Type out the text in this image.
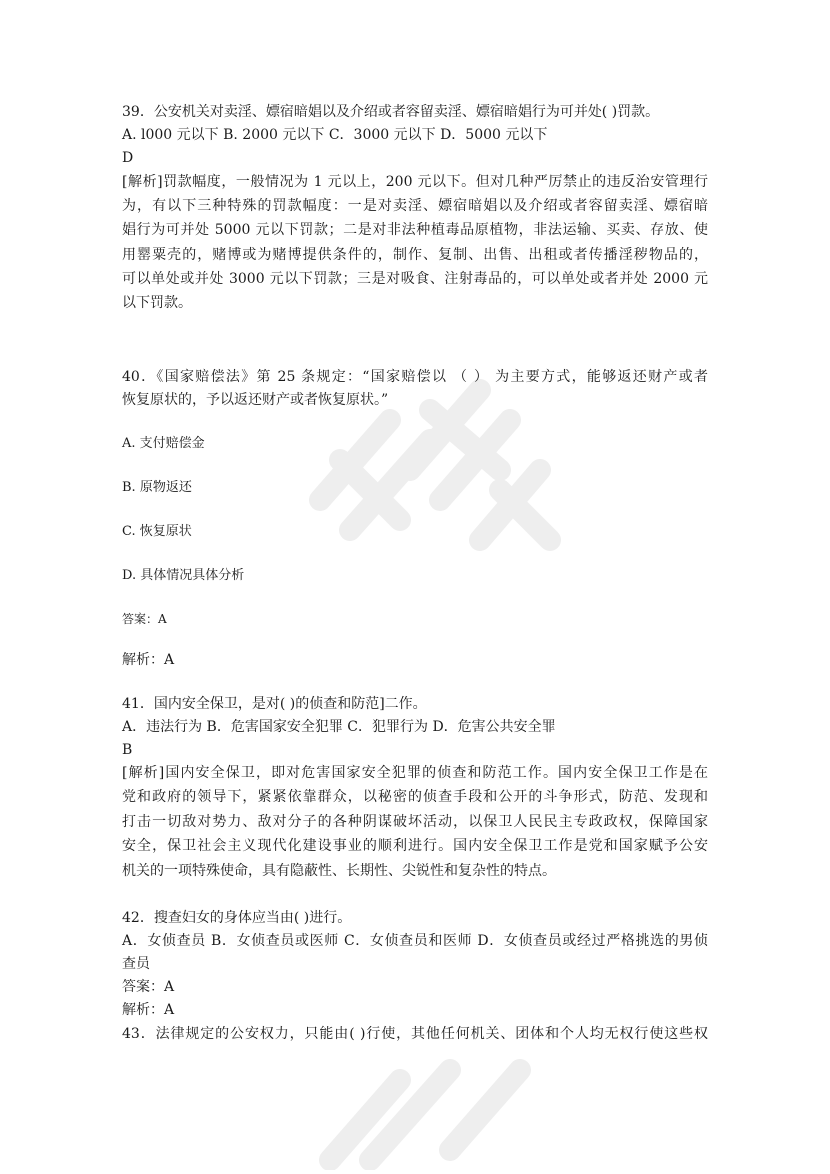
39．公安机关对卖淫、嫖宿暗娼以及介绍或者容留卖淫、嫖宿暗娼行为可并处( )罚款。
A. l000 元以下 B. 2000 元以下 C．3000 元以下 D．5000 元以下
D
[解析]罚款幅度，一般情况为 1 元以上，200 元以下。但对几种严厉禁止的违反治安管理行
为，有以下三种特殊的罚款幅度：一是对卖淫、嫖宿暗娼以及介绍或者容留卖淫、嫖宿暗
娼行为可并处 5000 元以下罚款；二是对非法种植毒品原植物，非法运输、买卖、存放、使
用罂粟壳的，赌博或为赌博提供条件的，制作、复制、出售、出租或者传播淫秽物品的，
可以单处或并处 3000 元以下罚款；三是对吸食、注射毒品的，可以单处或者并处 2000 元
以下罚款。
40．《国家赔偿法》第 25 条规定：“国家赔偿以 （ ） 为主要方式，能够返还财产或者
恢复原状的，予以返还财产或者恢复原状。”
A. 支付赔偿金
B. 原物返还
C. 恢复原状
D. 具体情况具体分析
答案：A
解析：A
41．国内安全保卫，是对( )的侦查和防范]二作。
A．违法行为 B．危害国家安全犯罪 C．犯罪行为 D．危害公共安全罪
B
[解析]国内安全保卫，即对危害国家安全犯罪的侦查和防范工作。国内安全保卫工作是在
党和政府的领导下，紧紧依靠群众，以秘密的侦查手段和公开的斗争形式，防范、发现和
打击一切敌对势力、敌对分子的各种阴谋破坏活动，以保卫人民民主专政政权，保障国家
安全，保卫社会主义现代化建设事业的顺利进行。国内安全保卫工作是党和国家赋予公安
机关的一项特殊使命，具有隐蔽性、长期性、尖锐性和复杂性的特点。
42．搜查妇女的身体应当由( )进行。
A．女侦查员 B．女侦查员或医师 C．女侦查员和医师 D．女侦查员或经过严格挑选的男侦
查员
答案：A
解析：A
43．法律规定的公安权力，只能由( )行使，其他任何机关、团体和个人均无权行使这些权
